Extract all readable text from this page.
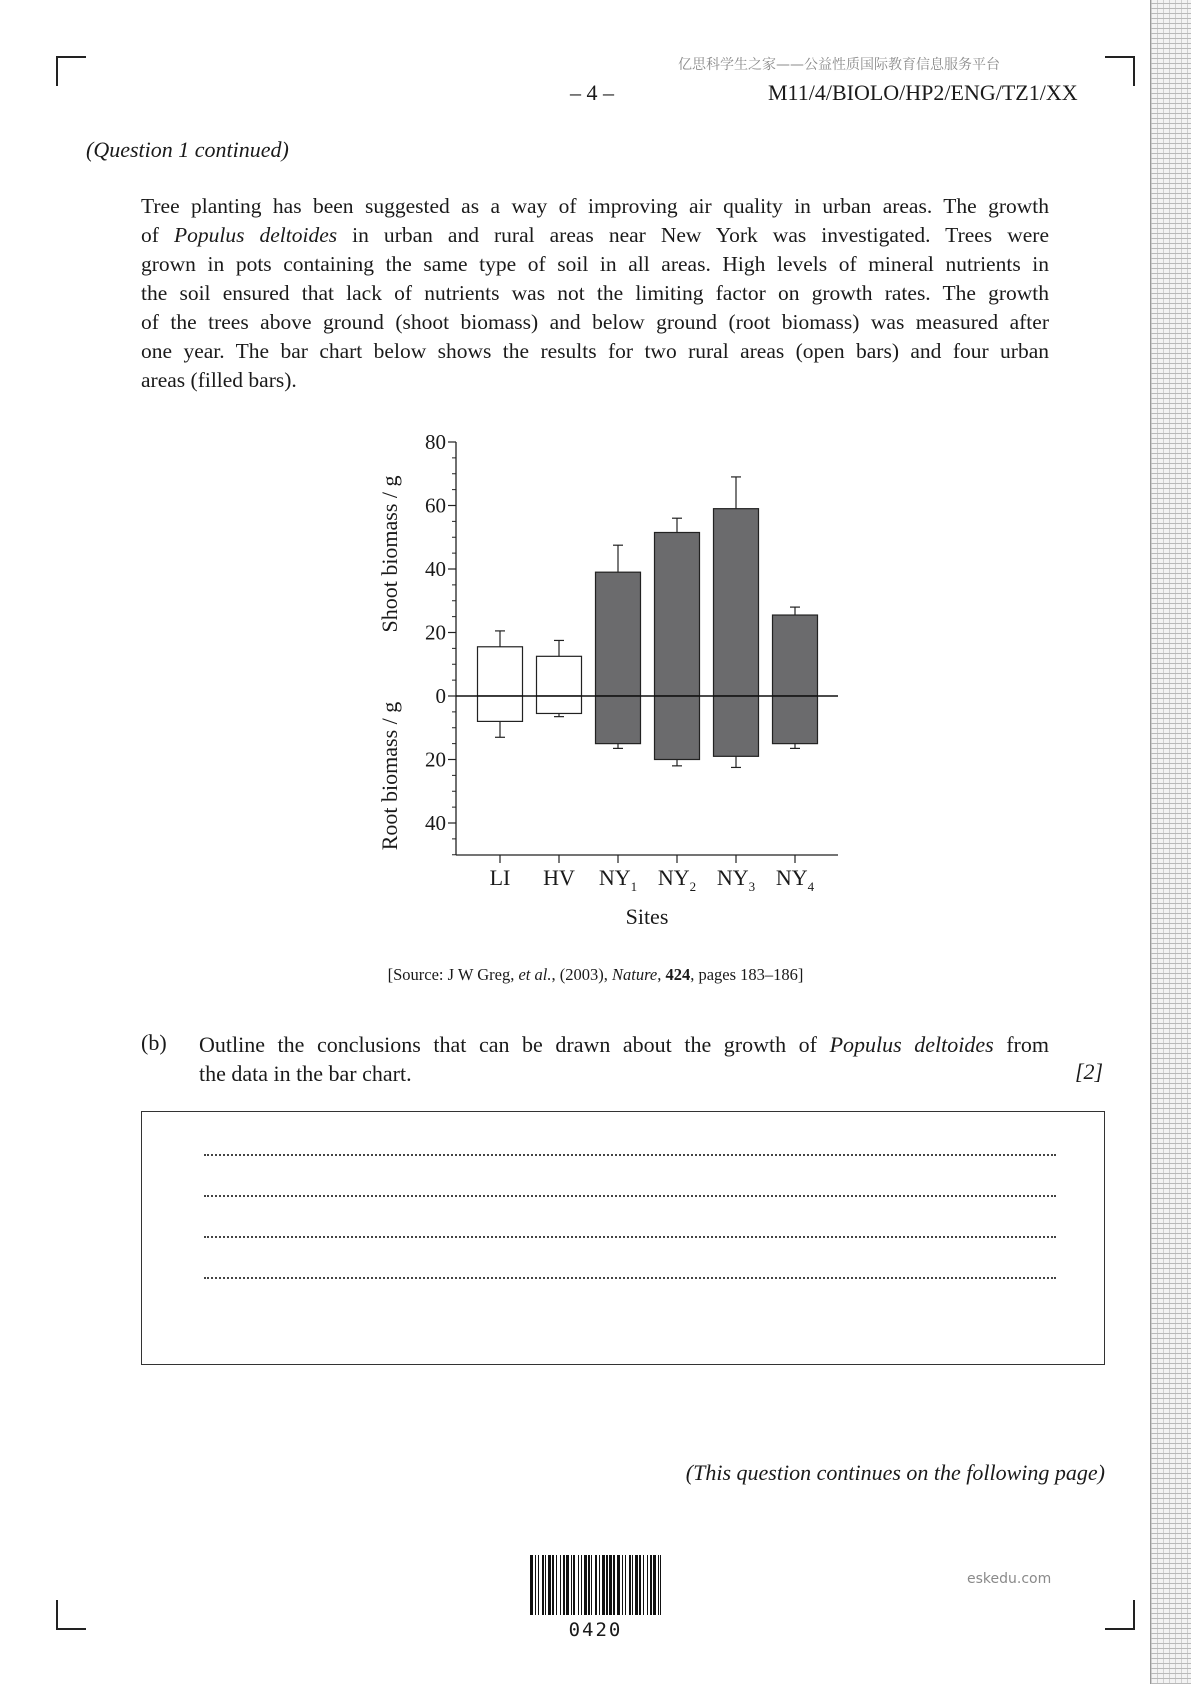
亿思科学生之家——公益性质国际教育信息服务平台
– 4 –	M11/4/BIOLO/HP2/ENG/TZ1/XX
(Question 1 continued)
Tree planting has been suggested as a way of improving air quality in urban areas. The growth
of Populus deltoides in urban and rural areas near New York was investigated. Trees were
grown in pots containing the same type of soil in all areas. High levels of mineral nutrients in
the soil ensured that lack of nutrients was not the limiting factor on growth rates. The growth
of the trees above ground (shoot biomass) and below ground (root biomass) was measured after
one year. The bar chart below shows the results for two rural areas (open bars) and four urban
areas (filled bars).
80
60
40
20
0
20
40
LI HV $NY_1$ $NY_2$ $NY_3$ $NY_4$
Sites
Shoot biomass / g
Root biomass / g
[Source: J W Greg, et al., (2003), Nature, 424, pages 183–186]
(b) Outline the conclusions that can be drawn about the growth of Populus deltoides from
the data in the bar chart.	[2]
(This question continues on the following page)
0420
eskedu.com
